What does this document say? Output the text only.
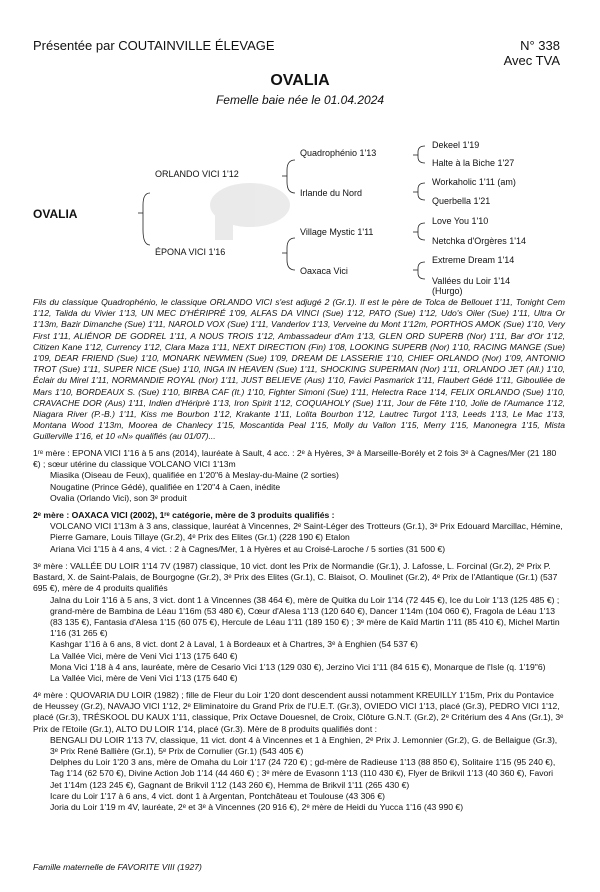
Présentée par COUTAINVILLE ÉLEVAGE	N° 338
Avec TVA
OVALIA
Femelle baie née le 01.04.2024
OVALIA
ORLANDO VICI 1'12
ÉPONA VICI 1'16
Quadrophénio 1'13
Irlande du Nord
Village Mystic 1'11
Oaxaca Vici
Dekeel 1'19
Halte à la Biche 1'27
Workaholic 1'11 (am)
Querbella 1'21
Love You 1'10
Netchka d'Orgères 1'14
Extreme Dream 1'14
Vallées du Loir 1'14
(Hurgo)

Fils du classique Quadrophénio, le classique ORLANDO VICI s'est adjugé 2 (Gr.1). Il est le père de Tolca de Bellouet 1'11, Tonight Cem 1'12, Talida du Vivier 1'13, UN MEC D'HÉRIPRÉ 1'09, ALFAS DA VINCI (Sue) 1'12, PATO (Sue) 1'12, Udo's Oiler (Sue) 1'11, Ultra Or 1'13m, Bazir Dimanche (Sue) 1'11, NAROLD VOX (Sue) 1'11, Vanderlov 1'13, Verveine du Mont 1'12m, PORTHOS AMOK (Sue) 1'10, Very First 1'11, ALIÉNOR DE GODREL 1'11, A NOUS TROIS 1'12, Ambassadeur d'Am 1'13, GLEN ORD SUPERB (Nor) 1'11, Bar d'Or 1'12, Citizen Kane 1'12, Currency 1'12, Clara Maza 1'11, NEXT DIRECTION (Fin) 1'08, LOOKING SUPERB (Nor) 1'10, RACING MANGE (Sue) 1'09, DEAR FRIEND (Sue) 1'10, MONARK NEWMEN (Sue) 1'09, DREAM DE LASSERIE 1'10, CHIEF ORLANDO (Nor) 1'09, ANTONIO TROT (Sue) 1'11, SUPER NICE (Sue) 1'10, INGA IN HEAVEN (Sue) 1'11, SHOCKING SUPERMAN (Nor) 1'11, ORLANDO JET (All.) 1'10, Éclair du Mirel 1'11, NORMANDIE ROYAL (Nor) 1'11, JUST BELIEVE (Aus) 1'10, Favici Pasmarick 1'11, Flaubert Gédé 1'11, Gibouliée de Mars 1'10, BORDEAUX S. (Sue) 1'10, BIRBA CAF (It.) 1'10, Fighter Simoni (Sue) 1'11, Helectra Race 1'14, FELIX ORLANDO (Sue) 1'10, CRAVACHE DOR (Aus) 1'11, Indien d'Hériprè 1'13, Iron Spirit 1'12, COQUAHOLY (Sue) 1'11, Jour de Fête 1'10, Jolie de l'Aumance 1'12, Niagara River (P.-B.) 1'11, Kiss me Bourbon 1'12, Krakante 1'11, Lolita Bourbon 1'12, Lautrec Turgot 1'13, Leeds 1'13, Le Mac 1'13, Montana Wood 1'13m, Moorea de Chanlecy 1'15, Moscantida Peal 1'15, Molly du Vallon 1'15, Merry 1'15, Manonegra 1'15, Mista Guillerville 1'16, et 10 «N» qualifiés (au 01/07)...

1ʳᵉ mère : EPONA VICI 1'16 à 5 ans (2014), lauréate à Sault, 4 acc. : 2ᵉ à Hyères, 3ᵉ à Marseille-Borély et 2 fois 3ᵉ à Cagnes/Mer (21 180 €) ; sœur utérine du classique VOLCANO VICI 1'13m
Miasika (Oiseau de Feux), qualifiée en 1'20"6 à Meslay-du-Maine (2 sorties)
Nougatine (Prince Gédé), qualifiée en 1'20"4 à Caen, inédite
Ovalia (Orlando Vici), son 3ᵉ produit
2ᵉ mère : OAXACA VICI (2002), 1ʳᵉ catégorie, mère de 3 produits qualifiés :
VOLCANO VICI 1'13m à 3 ans, classique, lauréat à Vincennes, 2ᵉ Saint-Léger des Trotteurs (Gr.1), 3ᵉ Prix Edouard Marcillac, Hémine, Pierre Gamare, Louis Tillaye (Gr.2), 4ᵉ Prix des Elites (Gr.1) (228 190 €) Etalon
Ariana Vici 1'15 à 4 ans, 4 vict. : 2 à Cagnes/Mer, 1 à Hyères et au Croisé-Laroche / 5 sorties (31 500 €)
3ᵉ mère : VALLÉE DU LOIR 1'14 7V (1987) classique, 10 vict. dont les Prix de Normandie (Gr.1), J. Lafosse, L. Forcinal (Gr.2), 2ᵉ Prix P. Bastard, X. de Saint-Palais, de Bourgogne (Gr.2), 3ᵉ Prix des Elites (Gr.1), C. Blaisot, O. Moulinet (Gr.2), 4ᵉ Prix de l'Atlantique (Gr.1) (537 695 €), mère de 4 produits qualifiés
Jalna du Loir 1'16 à 5 ans, 3 vict. dont 1 à Vincennes (38 464 €), mère de Quitka du Loir 1'14 (72 445 €), Ice du Loir 1'13 (125 485 €) ; grand-mère de Bambina de Léau 1'16m (53 480 €), Cœur d'Alesa 1'13 (120 640 €), Dancer 1'14m (104 060 €), Fragola de Léau 1'13 (83 135 €), Fantasia d'Alesa 1'15 (60 075 €), Hercule de Léau 1'11 (189 150 €) ; 3ᵉ mère de Kaïd Martin 1'11 (85 410 €), Michel Martin 1'16 (31 265 €)
Kashgar 1'16 à 6 ans, 8 vict. dont 2 à Laval, 1 à Bordeaux et à Chartres, 3ᵉ à Enghien (54 537 €)
La Vallée Vici, mère de Veni Vici 1'13 (175 640 €)
Mona Vici 1'18 à 4 ans, lauréate, mère de Cesario Vici 1'13 (129 030 €), Jerzino Vici 1'11 (84 615 €), Monarque de l'Isle (q. 1'19"6)
La Vallée Vici, mère de Veni Vici 1'13 (175 640 €)
4ᵉ mère : QUOVARIA DU LOIR (1982) ; fille de Fleur du Loir 1'20 dont descendent aussi notamment KREUILLY 1'15m, Prix du Pontavice de Heussey (Gr.2), NAVAJO VICI 1'12, 2ᵉ Eliminatoire du Grand Prix de l'U.E.T. (Gr.3), OVIEDO VICI 1'13, placé (Gr.3), PEDRO VICI 1'12, placé (Gr.3), TRÉSKOOL DU KAUX 1'11, classique, Prix Octave Douesnel, de Croix, Clôture G.N.T. (Gr.2), 2ᵉ Critérium des 4 Ans (Gr.1), 3ᵉ Prix de l'Etoile (Gr.1), ALTO DU LOIR 1'14, placé (Gr.3). Mère de 8 produits qualifiés dont :
BENGALI DU LOIR 1'13 7V, classique, 11 vict. dont 4 à Vincennes et 1 à Enghien, 2ᵉ Prix J. Lemonnier (Gr.2), G. de Bellaigue (Gr.3), 3ᵉ Prix René Ballière (Gr.1), 5ᵉ Prix de Cornulier (Gr.1) (543 405 €)
Delphes du Loir 1'20 3 ans, mère de Omaha du Loir 1'17 (24 720 €) ; gd-mère de Radieuse 1'13 (88 850 €), Solitaire 1'15 (95 240 €), Tag 1'14 (62 570 €), Divine Action Job 1'14 (44 460 €) ; 3ᵉ mère de Evasonn 1'13 (110 430 €), Flyer de Brikvil 1'13 (40 360 €), Favori Jet 1'14m (123 245 €), Gagnant de Brikvil 1'12 (143 260 €), Hemma de Brikvil 1'11 (265 430 €)
Icare du Loir 1'17 à 6 ans, 4 vict. dont 1 à Argentan, Pontchâteau et Toulouse (43 306 €)
Joria du Loir 1'19 m 4V, lauréate, 2ᵉ et 3ᵉ à Vincennes (20 916 €), 2ᵉ mère de Heidi du Yucca 1'16 (43 990 €)
Famille maternelle de FAVORITE VIII (1927)
